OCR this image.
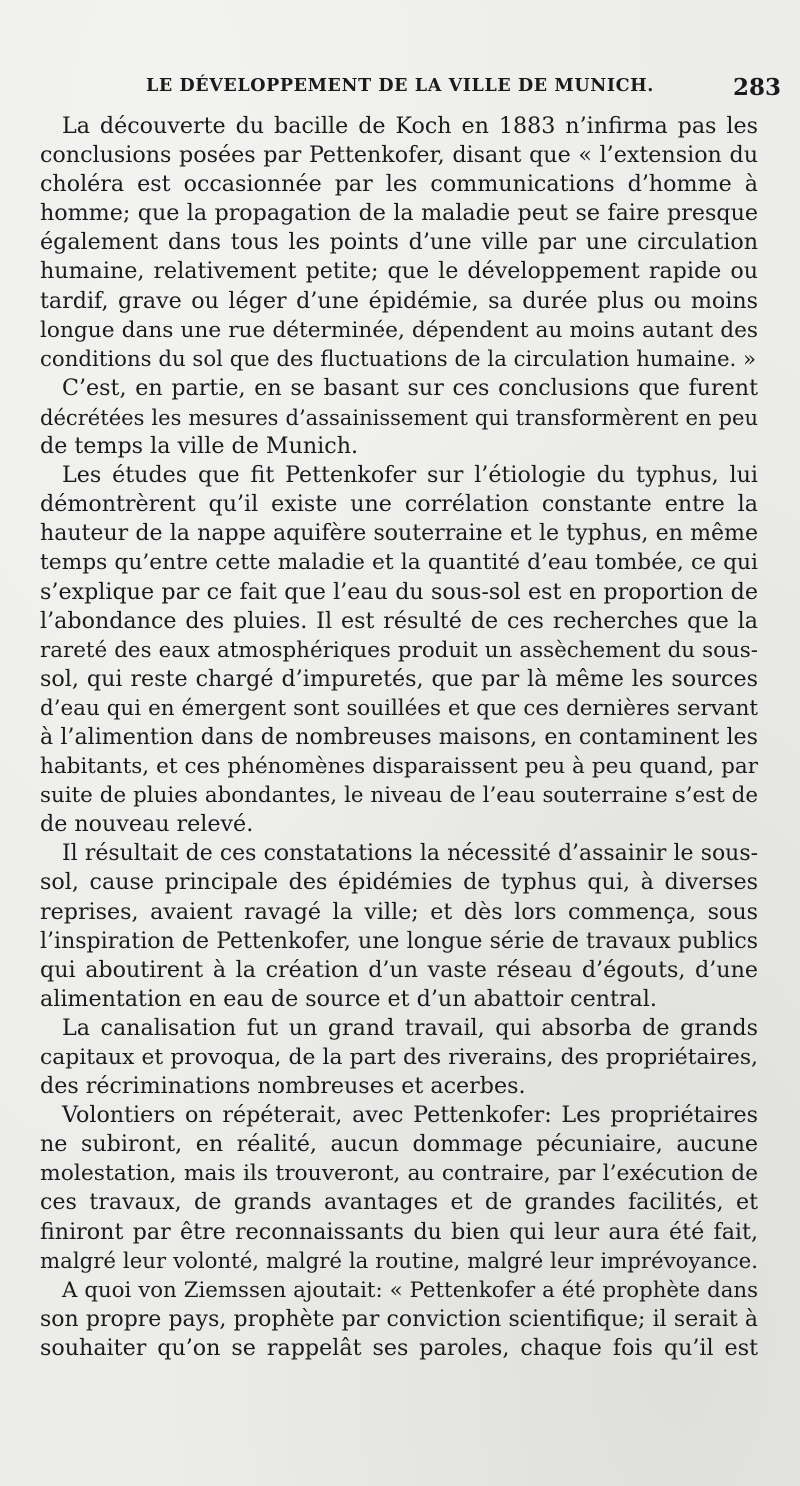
LE DÉVELOPPEMENT DE LA VILLE DE MUNICH.	283
La découverte du bacille de Koch en 1883 n’infirma pas les
conclusions posées par Pettenkofer, disant que « l’extension du
choléra est occasionnée par les communications d’homme à
homme; que la propagation de la maladie peut se faire presque
également dans tous les points d’une ville par une circulation
humaine, relativement petite; que le développement rapide ou
tardif, grave ou léger d’une épidémie, sa durée plus ou moins
longue dans une rue déterminée, dépendent au moins autant des
conditions du sol que des fluctuations de la circulation humaine. »
C’est, en partie, en se basant sur ces conclusions que furent
décrétées les mesures d’assainissement qui transformèrent en peu
de temps la ville de Munich.
Les études que fit Pettenkofer sur l’étiologie du typhus, lui
démontrèrent qu’il existe une corrélation constante entre la
hauteur de la nappe aquifère souterraine et le typhus, en même
temps qu’entre cette maladie et la quantité d’eau tombée, ce qui
s’explique par ce fait que l’eau du sous-sol est en proportion de
l’abondance des pluies. Il est résulté de ces recherches que la
rareté des eaux atmosphériques produit un assèchement du sous-
sol, qui reste chargé d’impuretés, que par là même les sources
d’eau qui en émergent sont souillées et que ces dernières servant
à l’alimention dans de nombreuses maisons, en contaminent les
habitants, et ces phénomènes disparaissent peu à peu quand, par
suite de pluies abondantes, le niveau de l’eau souterraine s’est de
de nouveau relevé.
Il résultait de ces constatations la nécessité d’assainir le sous-
sol, cause principale des épidémies de typhus qui, à diverses
reprises, avaient ravagé la ville; et dès lors commença, sous
l’inspiration de Pettenkofer, une longue série de travaux publics
qui aboutirent à la création d’un vaste réseau d’égouts, d’une
alimentation en eau de source et d’un abattoir central.
La canalisation fut un grand travail, qui absorba de grands
capitaux et provoqua, de la part des riverains, des propriétaires,
des récriminations nombreuses et acerbes.
Volontiers on répéterait, avec Pettenkofer: Les propriétaires
ne subiront, en réalité, aucun dommage pécuniaire, aucune
molestation, mais ils trouveront, au contraire, par l’exécution de
ces travaux, de grands avantages et de grandes facilités, et
finiront par être reconnaissants du bien qui leur aura été fait,
malgré leur volonté, malgré la routine, malgré leur imprévoyance.
A quoi von Ziemssen ajoutait: « Pettenkofer a été prophète dans
son propre pays, prophète par conviction scientifique; il serait à
souhaiter qu’on se rappelât ses paroles, chaque fois qu’il est
